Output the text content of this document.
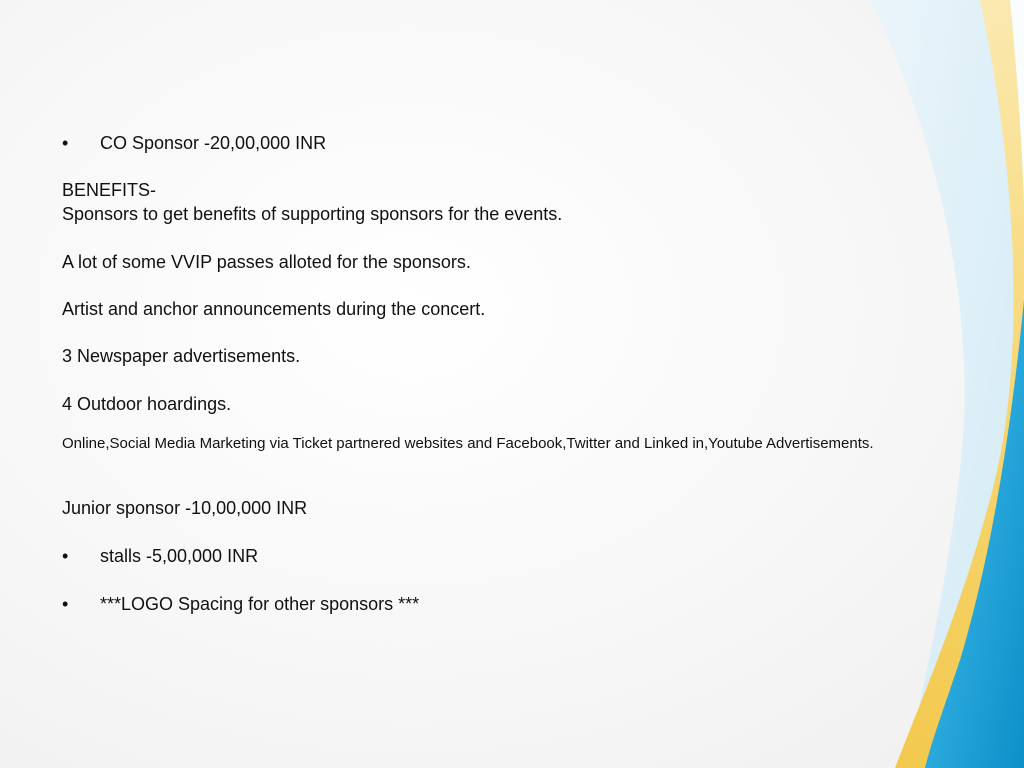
• CO Sponsor -20,00,000 INR
BENEFITS-
Sponsors to get benefits of supporting sponsors for the events.
A lot of some VVIP passes alloted for the sponsors.
Artist and anchor announcements during the concert.
3 Newspaper advertisements.
4 Outdoor hoardings.
Online,Social Media Marketing via Ticket partnered websites and Facebook,Twitter and Linked in,Youtube Advertisements.
Junior sponsor -10,00,000 INR
• stalls -5,00,000 INR
• ***LOGO Spacing for other sponsors ***
